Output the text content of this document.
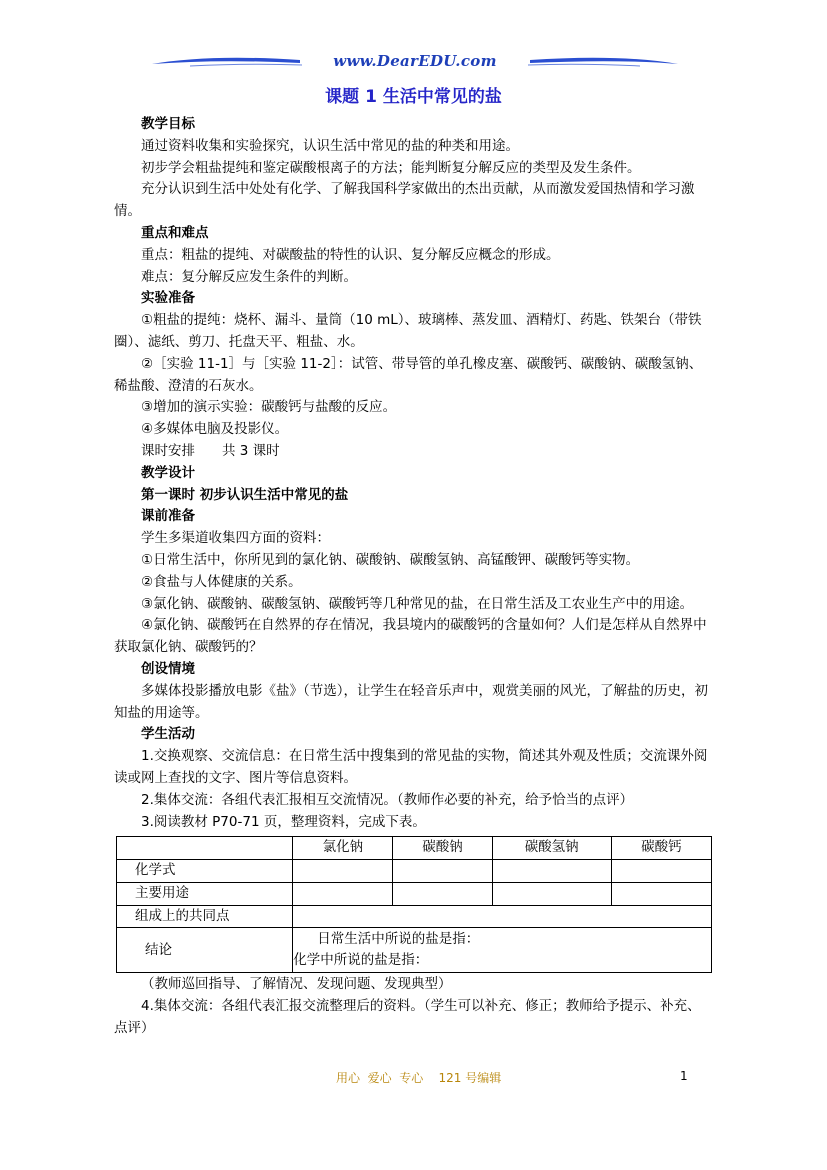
www.DearEDU.com
课题 1 生活中常见的盐
教学目标

通过资料收集和实验探究，认识生活中常见的盐的种类和用途。

初步学会粗盐提纯和鉴定碳酸根离子的方法；能判断复分解反应的类型及发生条件。

充分认识到生活中处处有化学、了解我国科学家做出的杰出贡献，从而激发爱国热情和学习激情。

重点和难点

重点：粗盐的提纯、对碳酸盐的特性的认识、复分解反应概念的形成。

难点：复分解反应发生条件的判断。

实验准备

①粗盐的提纯：烧杯、漏斗、量筒（10 mL）、玻璃棒、蒸发皿、酒精灯、药匙、铁架台（带铁圈）、滤纸、剪刀、托盘天平、粗盐、水。

②［实验 11-1］与［实验 11-2］：试管、带导管的单孔橡皮塞、碳酸钙、碳酸钠、碳酸氢钠、稀盐酸、澄清的石灰水。

③增加的演示实验：碳酸钙与盐酸的反应。

④多媒体电脑及投影仪。

课时安排　　共 3 课时

教学设计
第一课时 初步认识生活中常见的盐
课前准备

学生多渠道收集四方面的资料：

①日常生活中，你所见到的氯化钠、碳酸钠、碳酸氢钠、高锰酸钾、碳酸钙等实物。

②食盐与人体健康的关系。

③氯化钠、碳酸钠、碳酸氢钠、碳酸钙等几种常见的盐，在日常生活及工农业生产中的用途。

④氯化钠、碳酸钙在自然界的存在情况，我县境内的碳酸钙的含量如何？人们是怎样从自然界中获取氯化钠、碳酸钙的？

创设情境

多媒体投影播放电影《盐》（节选），让学生在轻音乐声中，观赏美丽的风光，了解盐的历史，初知盐的用途等。

学生活动

1.交换观察、交流信息：在日常生活中搜集到的常见盐的实物，简述其外观及性质；交流课外阅读或网上查找的文字、图片等信息资料。

2.集体交流：各组代表汇报相互交流情况。（教师作必要的补充，给予恰当的点评）

3.阅读教材 P70-71 页，整理资料，完成下表。

	氯化钠	碳酸钠	碳酸氢钠	碳酸钙
化学式				
主要用途				
组成上的共同点				
结论	日常生活中所说的盐是指：
化学中所说的盐是指：			

（教师巡回指导、了解情况、发现问题、发现典型）

4.集体交流：各组代表汇报交流整理后的资料。（学生可以补充、修正；教师给予提示、补充、点评）

用心  爱心  专心    121 号编辑	1
